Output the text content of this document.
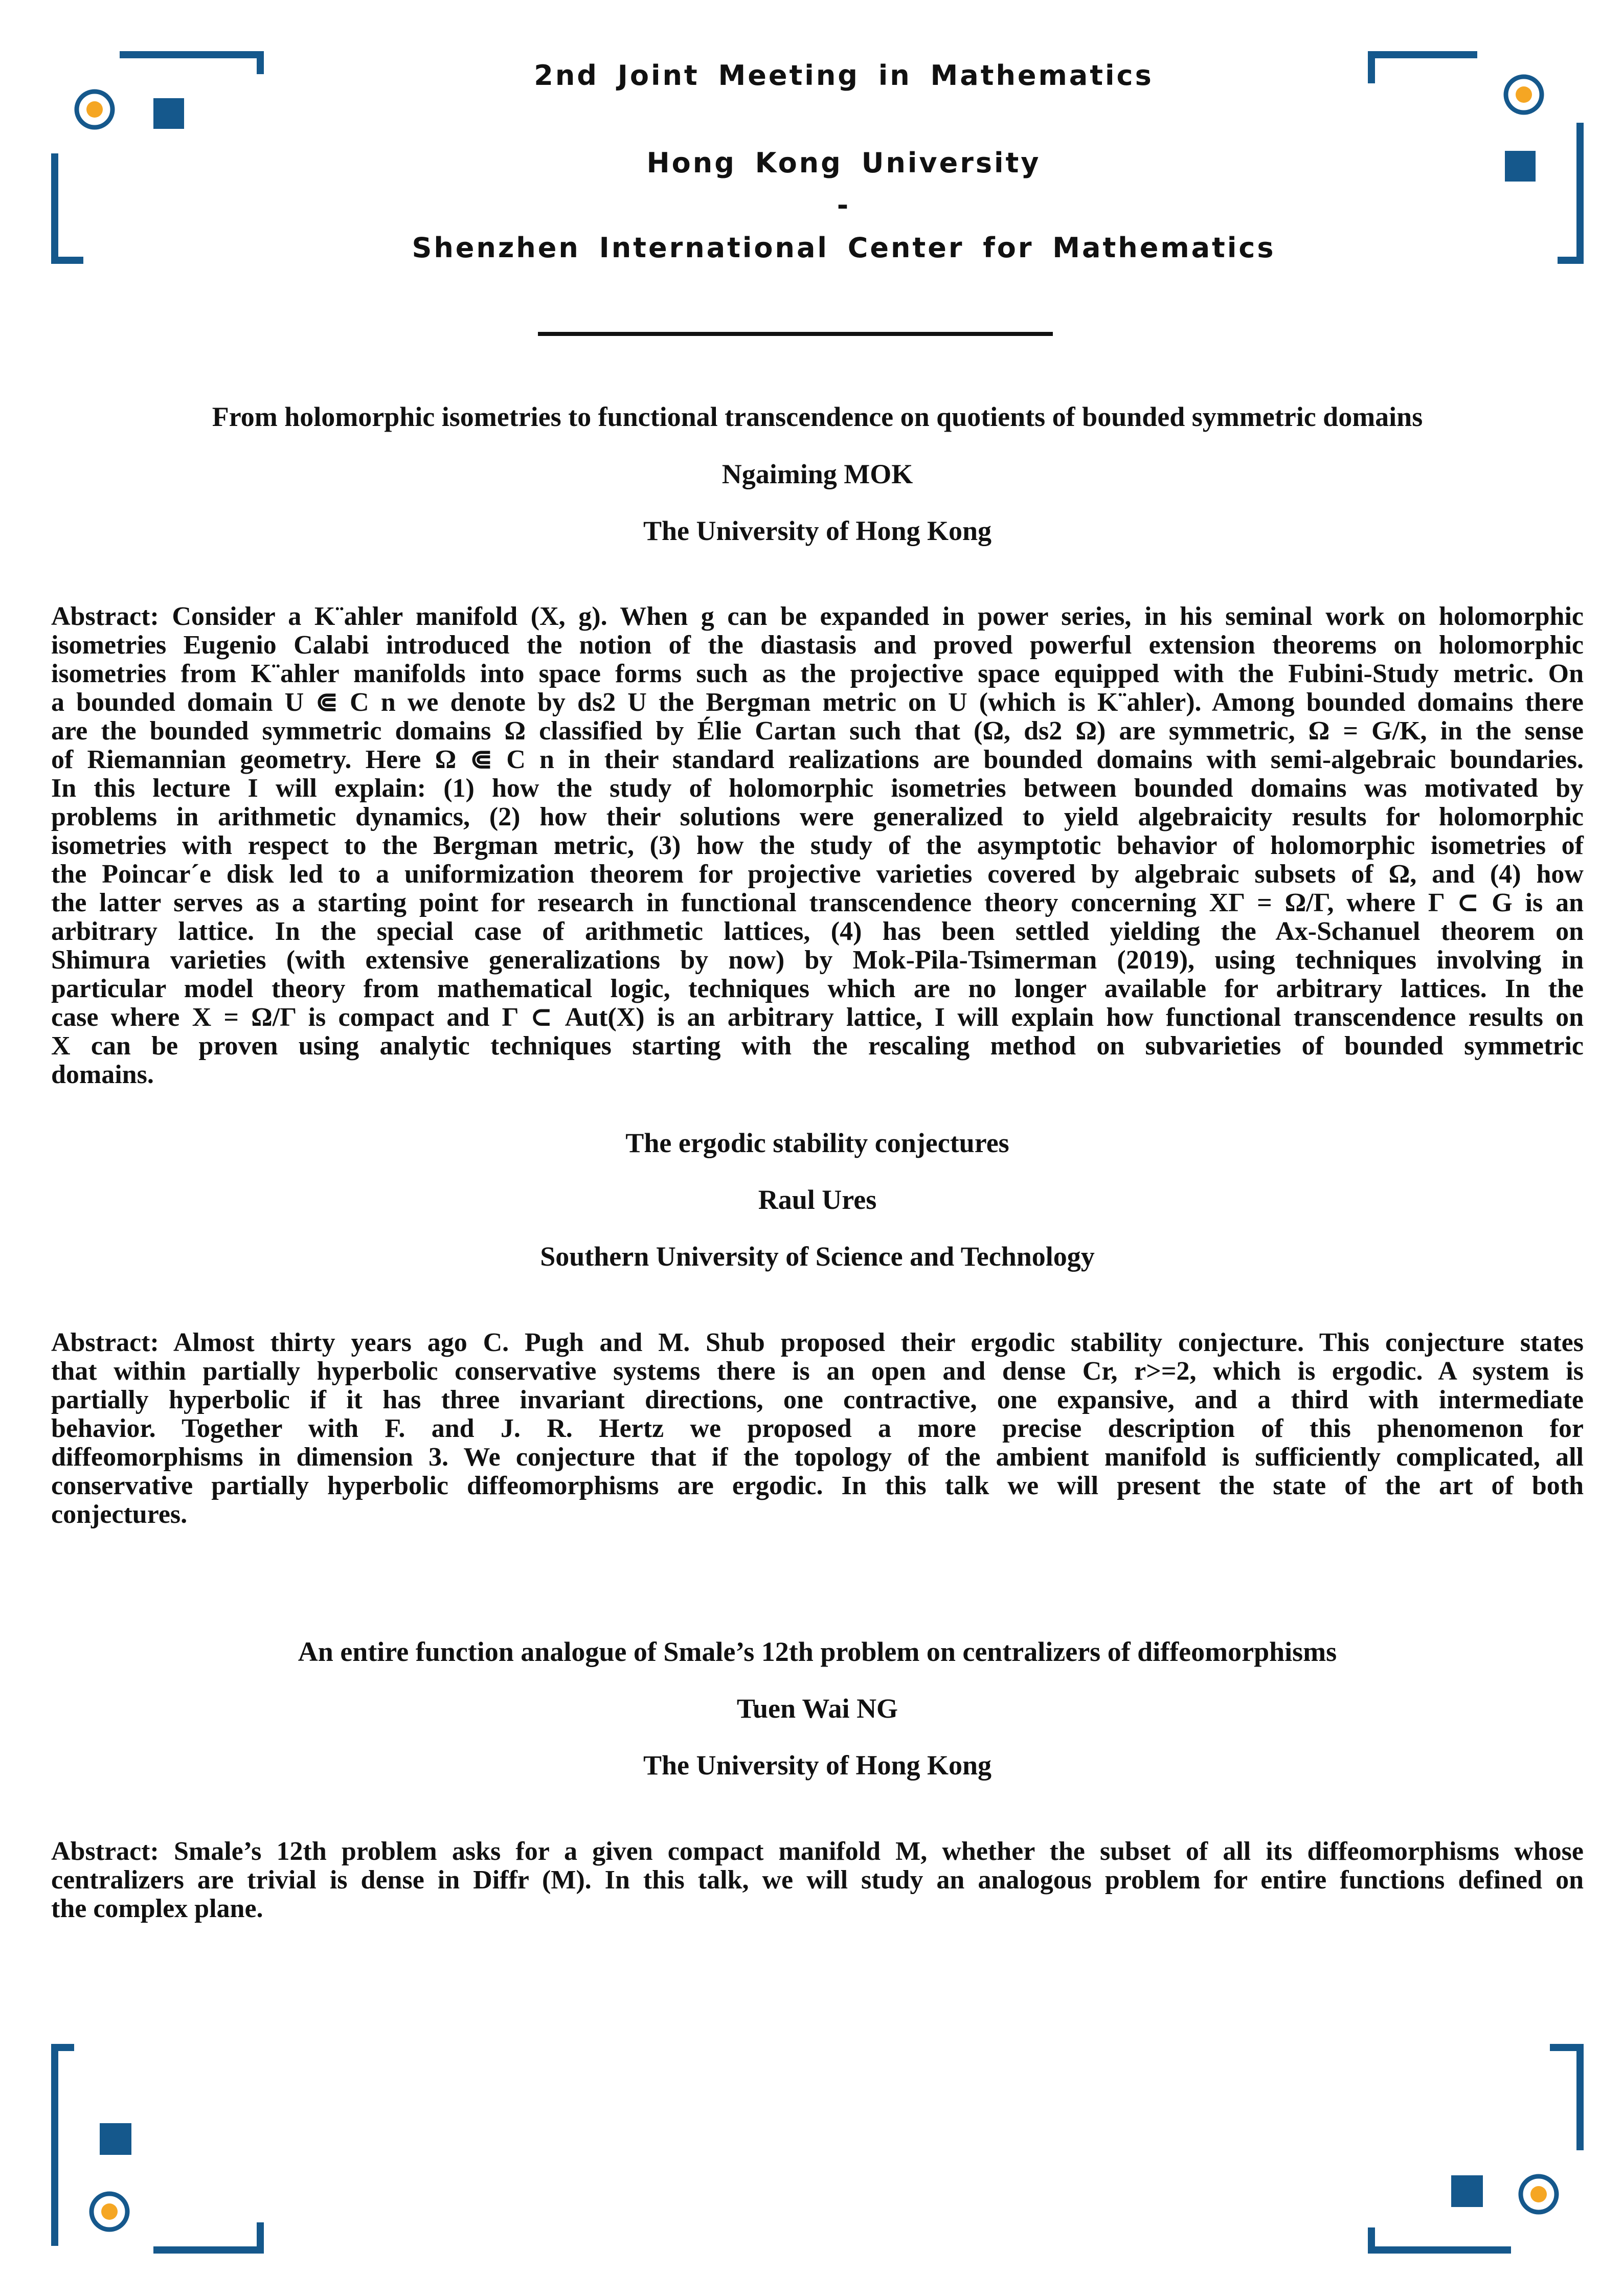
2nd Joint Meeting in Mathematics
Hong Kong University
-
Shenzhen International Center for Mathematics
From holomorphic isometries to functional transcendence on quotients of bounded symmetric domains
Ngaiming MOK
The University of Hong Kong
Abstract: Consider a K¨ahler manifold (X, g). When g can be expanded in power series, in his seminal work on holomorphic
isometries Eugenio Calabi introduced the notion of the diastasis and proved powerful extension theorems on holomorphic
isometries from K¨ahler manifolds into space forms such as the projective space equipped with the Fubini-Study metric. On
a bounded domain U ⋐ C n we denote by ds2 U the Bergman metric on U (which is K¨ahler). Among bounded domains there
are the bounded symmetric domains Ω classified by Élie Cartan such that (Ω, ds2 Ω) are symmetric, Ω = G/K, in the sense
of Riemannian geometry. Here Ω ⋐ C n in their standard realizations are bounded domains with semi-algebraic boundaries.
In this lecture I will explain: (1) how the study of holomorphic isometries between bounded domains was motivated by
problems in arithmetic dynamics, (2) how their solutions were generalized to yield algebraicity results for holomorphic
isometries with respect to the Bergman metric, (3) how the study of the asymptotic behavior of holomorphic isometries of
the Poincar´e disk led to a uniformization theorem for projective varieties covered by algebraic subsets of Ω, and (4) how
the latter serves as a starting point for research in functional transcendence theory concerning XΓ = Ω/Γ, where Γ ⊂ G is an
arbitrary lattice. In the special case of arithmetic lattices, (4) has been settled yielding the Ax-Schanuel theorem on
Shimura varieties (with extensive generalizations by now) by Mok-Pila-Tsimerman (2019), using techniques involving in
particular model theory from mathematical logic, techniques which are no longer available for arbitrary lattices. In the
case where X = Ω/Γ is compact and Γ ⊂ Aut(X) is an arbitrary lattice, I will explain how functional transcendence results on
X can be proven using analytic techniques starting with the rescaling method on subvarieties of bounded symmetric
domains.
The ergodic stability conjectures
Raul Ures
Southern University of Science and Technology
Abstract: Almost thirty years ago C. Pugh and M. Shub proposed their ergodic stability conjecture. This conjecture states
that within partially hyperbolic conservative systems there is an open and dense Cr, r>=2, which is ergodic. A system is
partially hyperbolic if it has three invariant directions, one contractive, one expansive, and a third with intermediate
behavior. Together with F. and J. R. Hertz we proposed a more precise description of this phenomenon for
diffeomorphisms in dimension 3. We conjecture that if the topology of the ambient manifold is sufficiently complicated, all
conservative partially hyperbolic diffeomorphisms are ergodic. In this talk we will present the state of the art of both
conjectures.
An entire function analogue of Smale’s 12th problem on centralizers of diffeomorphisms
Tuen Wai NG
The University of Hong Kong
Abstract: Smale’s 12th problem asks for a given compact manifold M, whether the subset of all its diffeomorphisms whose
centralizers are trivial is dense in Diffr (M). In this talk, we will study an analogous problem for entire functions defined on
the complex plane.
